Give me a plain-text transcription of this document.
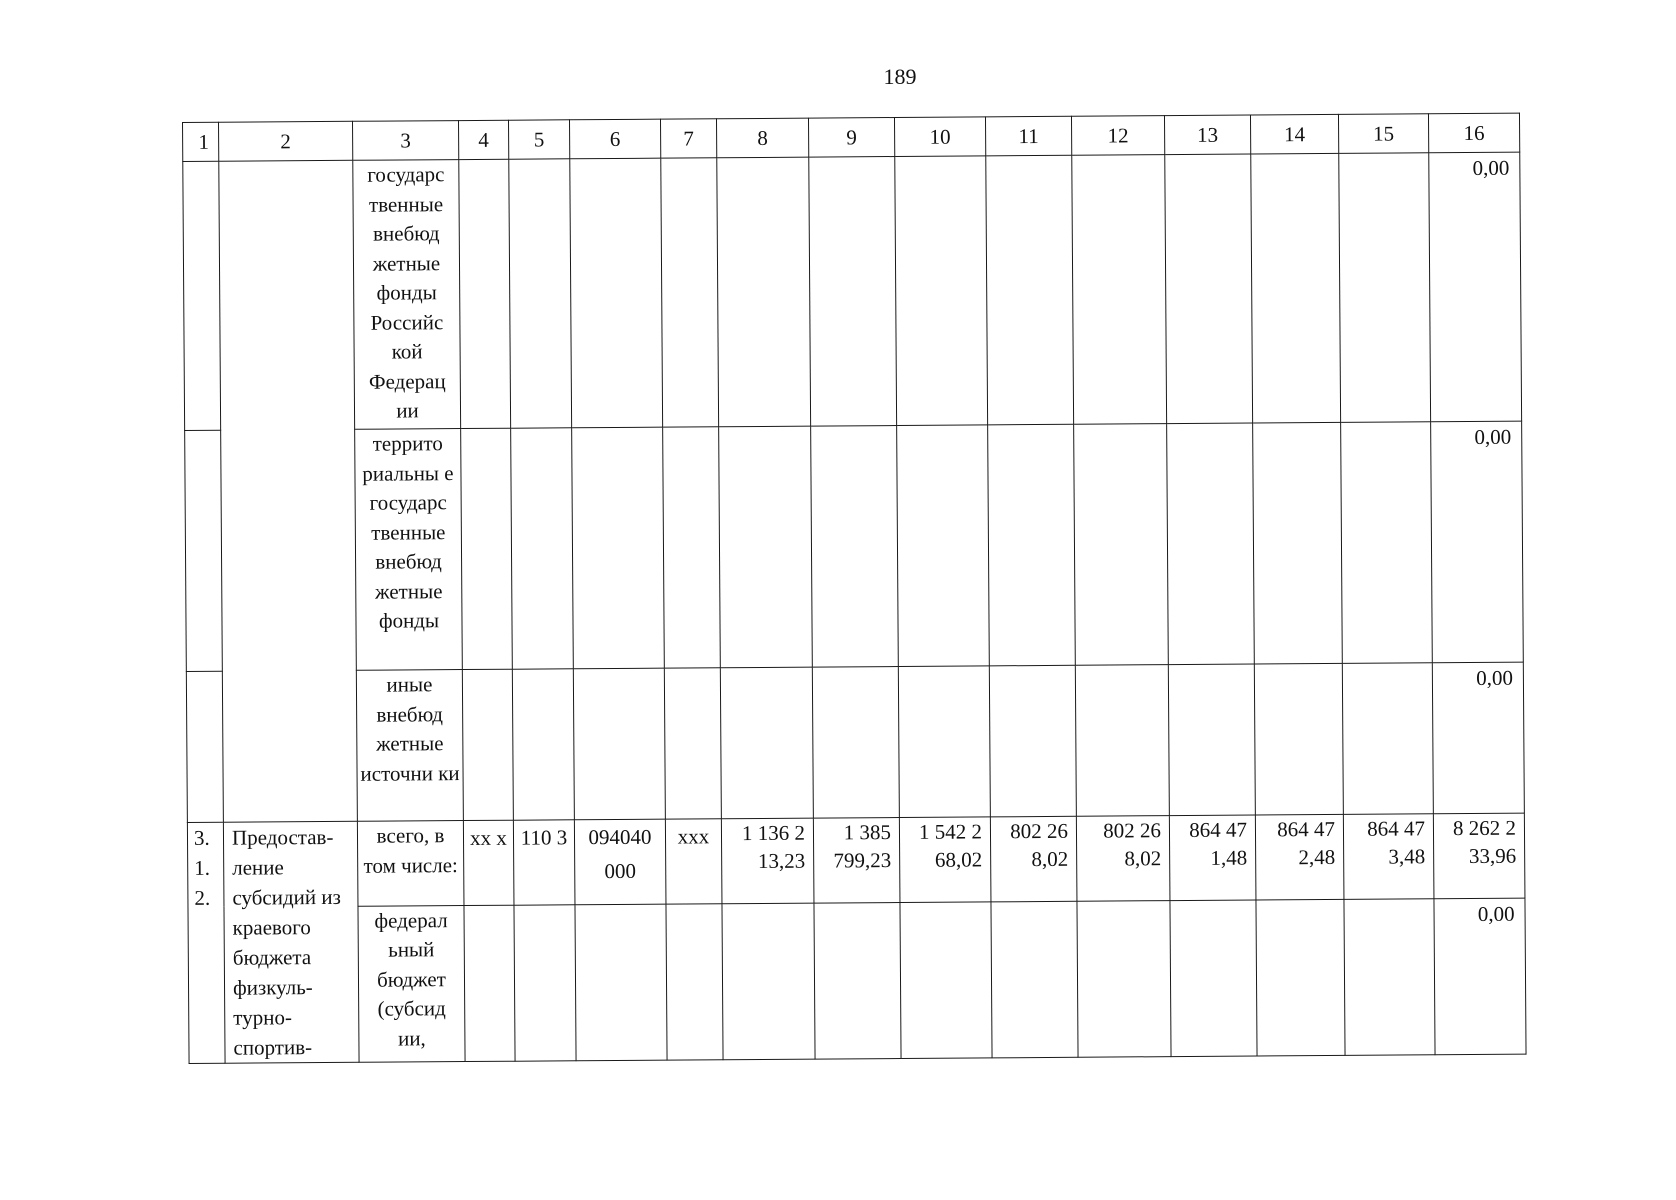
189
1	2	3	4	5	6	7	8	9	10	11	12	13	14	15	16
		государс твенные внебюд жетные фонды Российс кой Федерац ии													0,00
		террито риальны е государс твенные внебюд жетные фонды													0,00
		иные внебюд жетные источни ки													0,00
3. 1. 2.	Предостав- ление субсидий из краевого бюджета физкуль- турно- спортив-	всего, в том числе:	хх х	110 3	094040 000	ххх	1 136 2 13,23	1 385 799,23	1 542 2 68,02	802 26 8,02	802 26 8,02	864 47 1,48	864 47 2,48	864 47 3,48	8 262 2 33,96
		федерал ьный бюджет (субсид ии,													0,00
